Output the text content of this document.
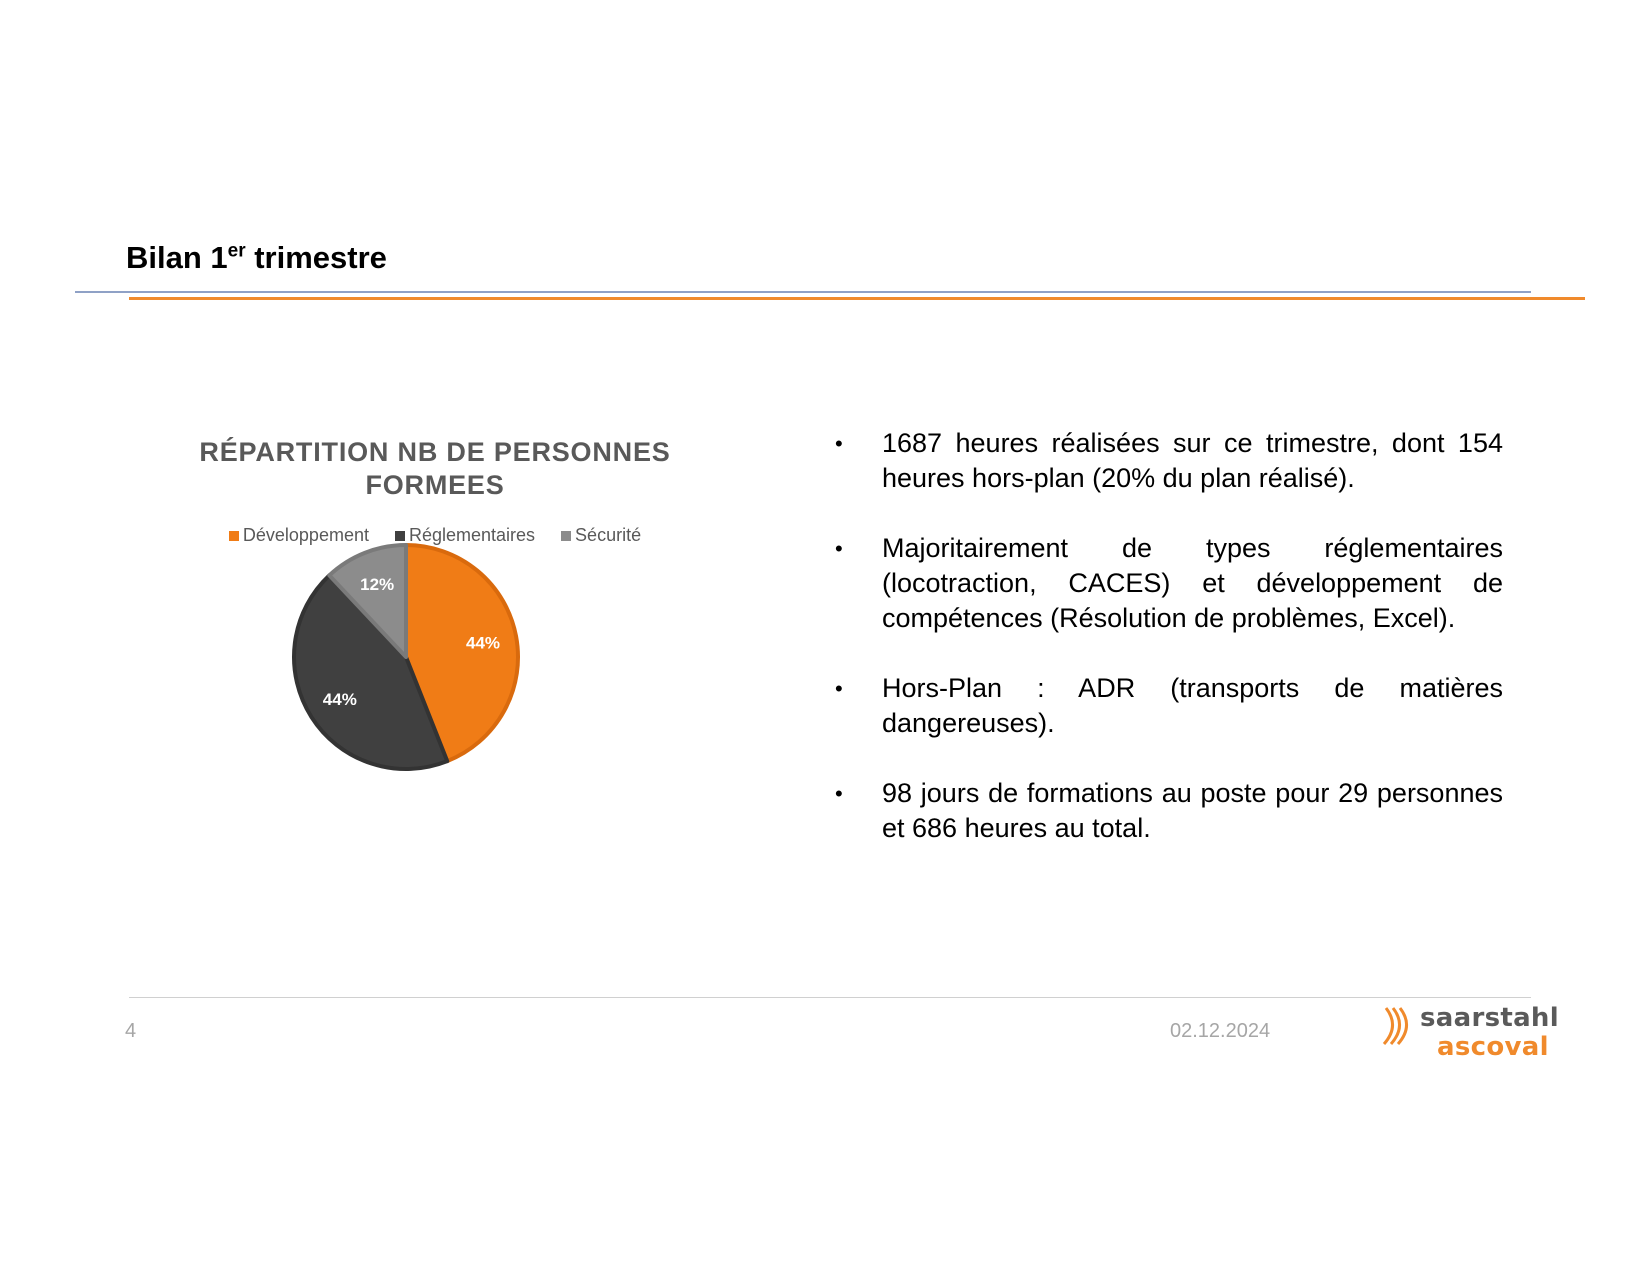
Bilan 1er trimestre
RÉPARTITION NB DE PERSONNES
FORMEES
Développement Réglementaires Sécurité
44%
44%
12%
• 1687 heures réalisées sur ce trimestre, dont 154 heures hors-plan (20% du plan réalisé).
• Majoritairement de types réglementaires (locotraction, CACES) et développement de compétences (Résolution de problèmes, Excel).
• Hors-Plan : ADR (transports de matières dangereuses).
• 98 jours de formations au poste pour 29 personnes et 686 heures au total.
4	02.12.2024	saarstahl
ascoval
